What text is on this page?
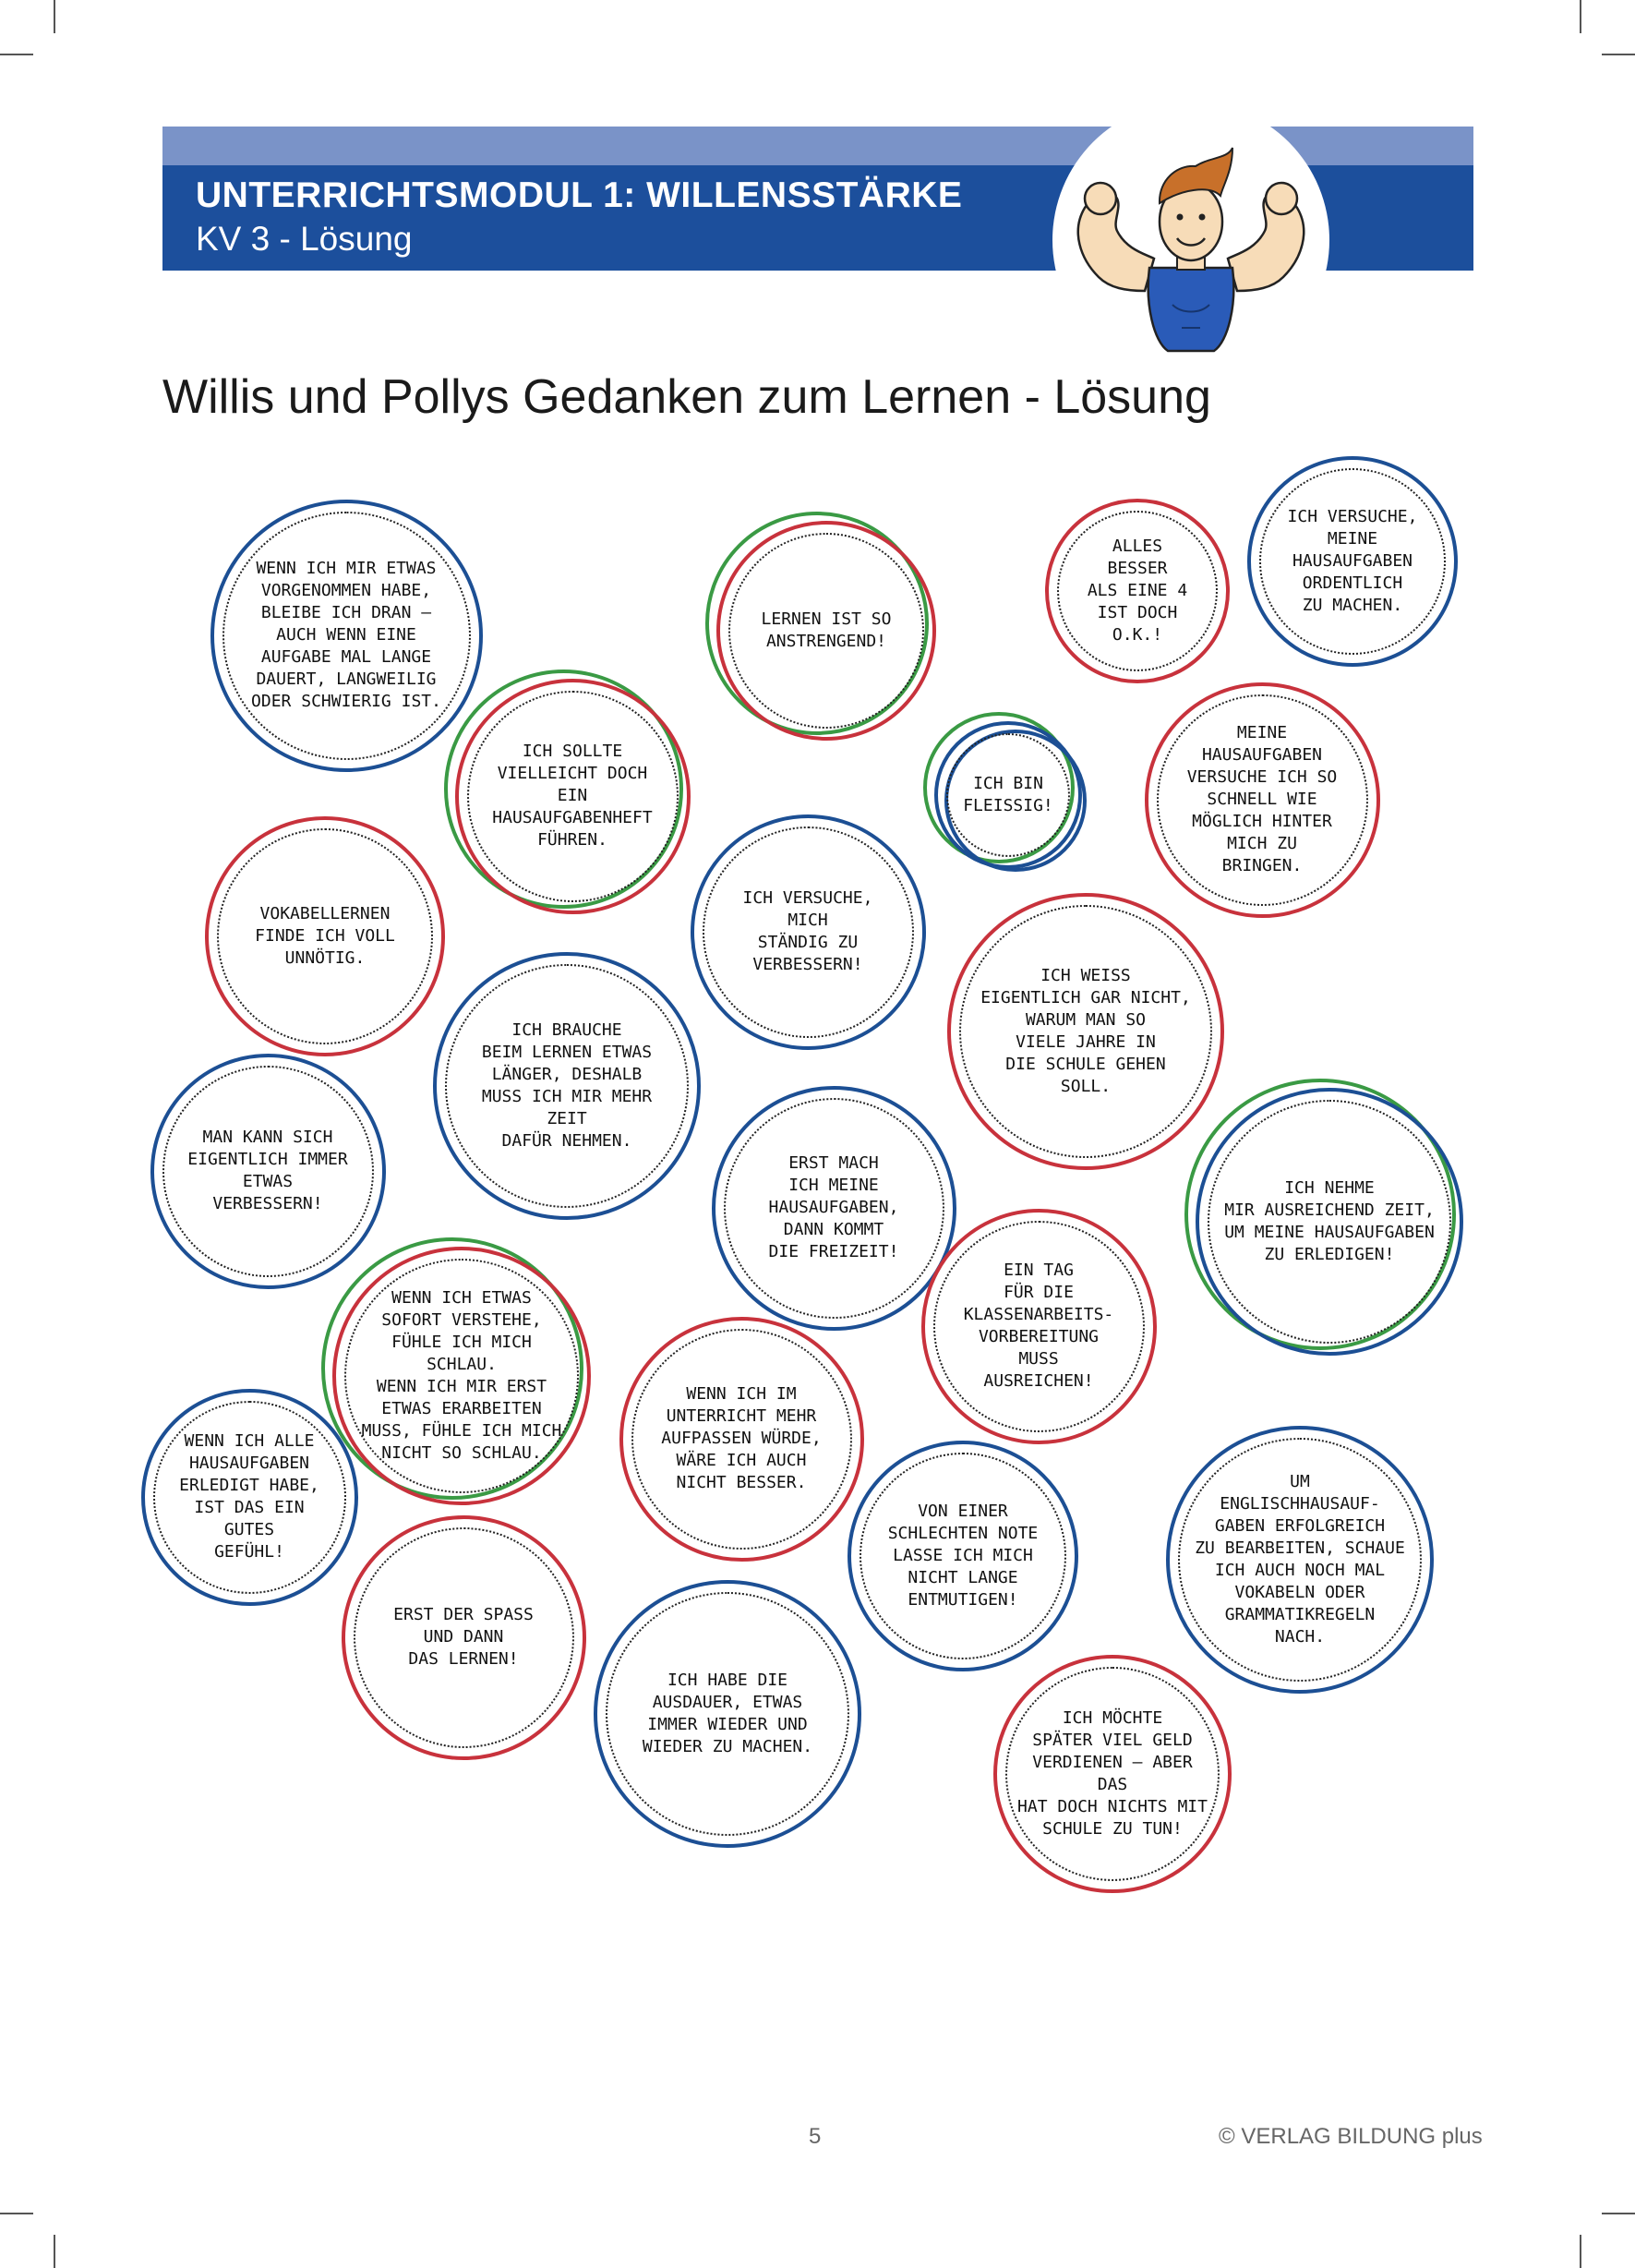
UNTERRICHTSMODUL 1: WILLENSSTÄRKE
KV 3 - Lösung
Willis und Pollys Gedanken zum Lernen - Lösung
WENN ICH MIR ETWAS
VORGENOMMEN HABE,
BLEIBE ICH DRAN –
AUCH WENN EINE
AUFGABE MAL LANGE
DAUERT, LANGWEILIG
ODER SCHWIERIG IST.
LERNEN IST SO
ANSTRENGEND!
ALLES
BESSER
ALS EINE 4
IST DOCH
O.K.!
ICH VERSUCHE,
MEINE
HAUSAUFGABEN
ORDENTLICH
ZU MACHEN.
ICH SOLLTE
VIELLEICHT DOCH EIN
HAUSAUFGABENHEFT
FÜHREN.
ICH BIN
FLEISSIG!
MEINE
HAUSAUFGABEN
VERSUCHE ICH SO
SCHNELL WIE
MÖGLICH HINTER
MICH ZU
BRINGEN.
VOKABELLERNEN
FINDE ICH VOLL
UNNÖTIG.
ICH VERSUCHE,
MICH
STÄNDIG ZU
VERBESSERN!
ICH WEISS
EIGENTLICH GAR NICHT,
WARUM MAN SO
VIELE JAHRE IN
DIE SCHULE GEHEN
SOLL.
ICH BRAUCHE
BEIM LERNEN ETWAS
LÄNGER, DESHALB
MUSS ICH MIR MEHR ZEIT
DAFÜR NEHMEN.
MAN KANN SICH
EIGENTLICH IMMER
ETWAS
VERBESSERN!
ERST MACH
ICH MEINE
HAUSAUFGABEN,
DANN KOMMT
DIE FREIZEIT!
ICH NEHME
MIR AUSREICHEND ZEIT,
UM MEINE HAUSAUFGABEN
ZU ERLEDIGEN!
EIN TAG
FÜR DIE
KLASSENARBEITS-
VORBEREITUNG
MUSS
AUSREICHEN!
WENN ICH ETWAS
SOFORT VERSTEHE,
FÜHLE ICH MICH SCHLAU.
WENN ICH MIR ERST
ETWAS ERARBEITEN
MUSS, FÜHLE ICH MICH
NICHT SO SCHLAU.
WENN ICH IM
UNTERRICHT MEHR
AUFPASSEN WÜRDE,
WÄRE ICH AUCH
NICHT BESSER.
WENN ICH ALLE
HAUSAUFGABEN
ERLEDIGT HABE,
IST DAS EIN GUTES
GEFÜHL!
VON EINER
SCHLECHTEN NOTE
LASSE ICH MICH
NICHT LANGE
ENTMUTIGEN!
UM
ENGLISCHHAUSAUF-
GABEN ERFOLGREICH
ZU BEARBEITEN, SCHAUE
ICH AUCH NOCH MAL
VOKABELN ODER
GRAMMATIKREGELN
NACH.
ERST DER SPASS
UND DANN
DAS LERNEN!
ICH HABE DIE
AUSDAUER, ETWAS
IMMER WIEDER UND
WIEDER ZU MACHEN.
ICH MÖCHTE
SPÄTER VIEL GELD
VERDIENEN – ABER DAS
HAT DOCH NICHTS MIT
SCHULE ZU TUN!
5	© VERLAG BILDUNG plus
